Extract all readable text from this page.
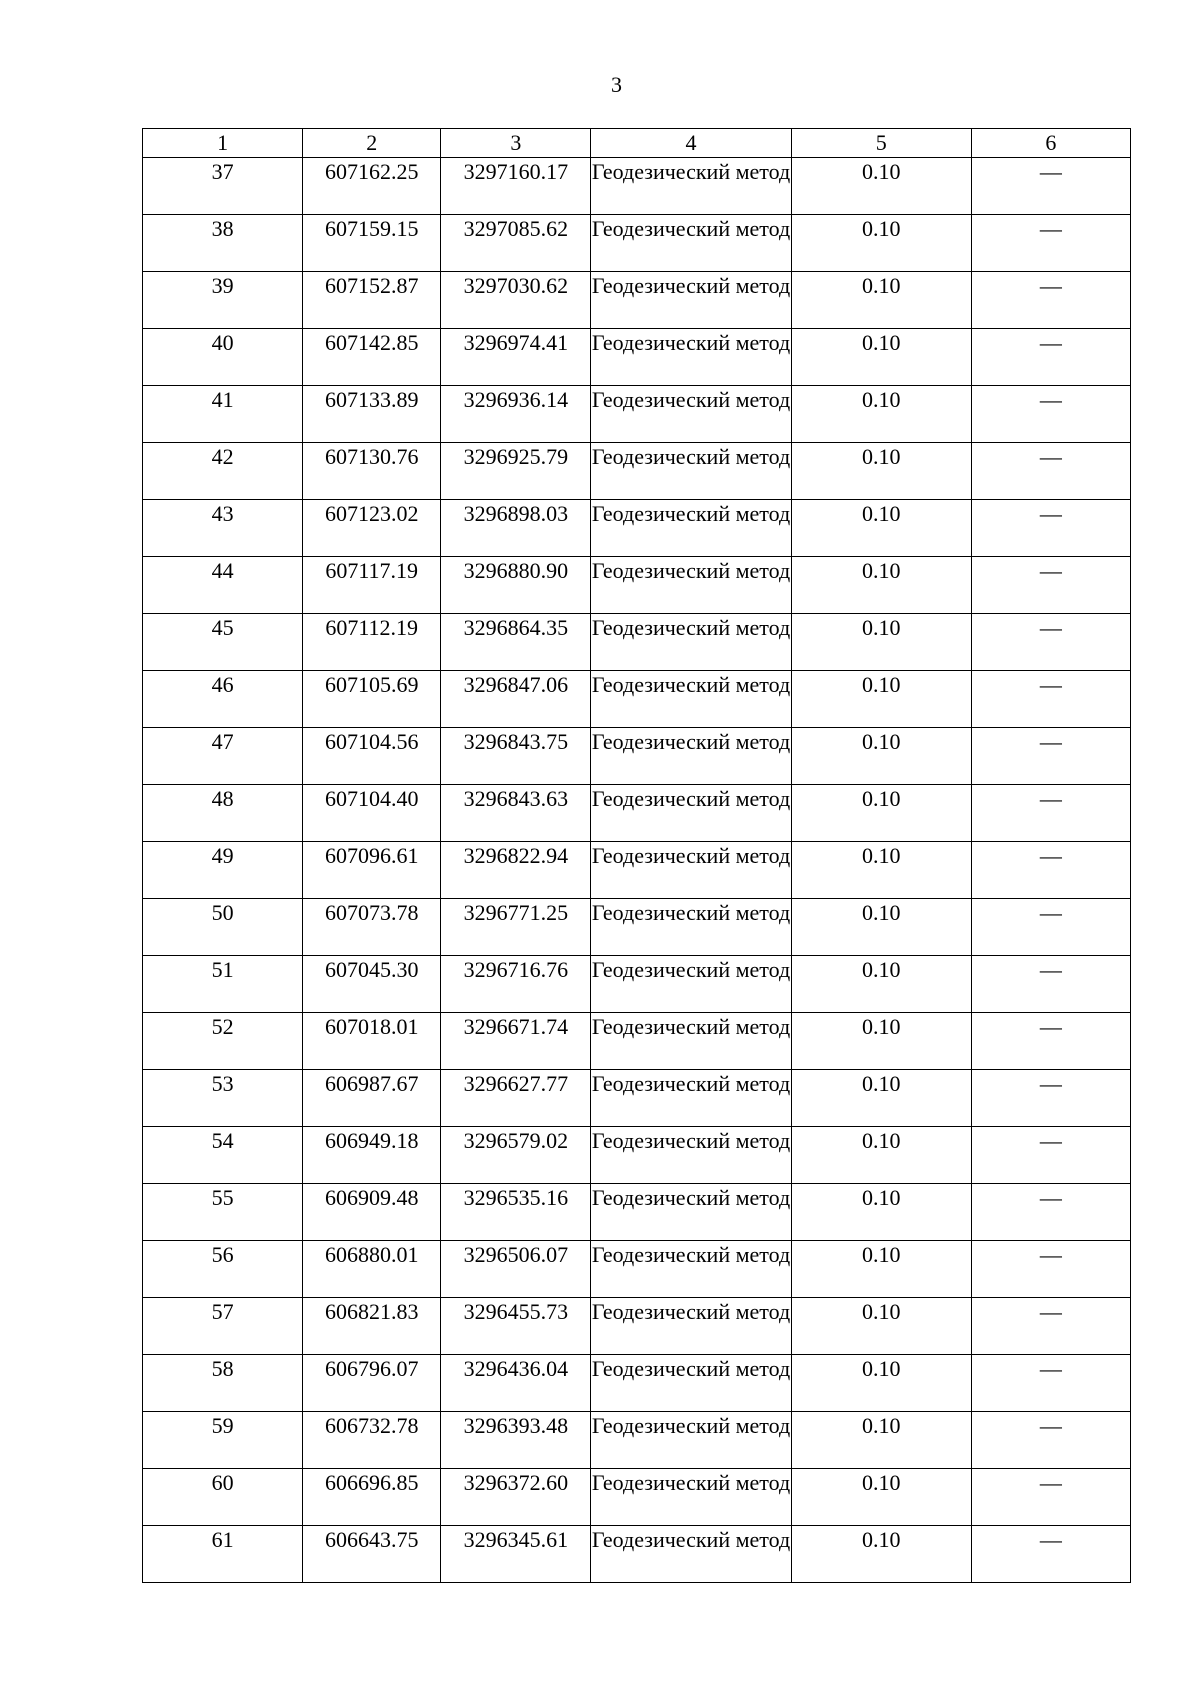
3
1	2	3	4	5	6
37	607162.25	3297160.17	Геодезический метод	0.10	—
38	607159.15	3297085.62	Геодезический метод	0.10	—
39	607152.87	3297030.62	Геодезический метод	0.10	—
40	607142.85	3296974.41	Геодезический метод	0.10	—
41	607133.89	3296936.14	Геодезический метод	0.10	—
42	607130.76	3296925.79	Геодезический метод	0.10	—
43	607123.02	3296898.03	Геодезический метод	0.10	—
44	607117.19	3296880.90	Геодезический метод	0.10	—
45	607112.19	3296864.35	Геодезический метод	0.10	—
46	607105.69	3296847.06	Геодезический метод	0.10	—
47	607104.56	3296843.75	Геодезический метод	0.10	—
48	607104.40	3296843.63	Геодезический метод	0.10	—
49	607096.61	3296822.94	Геодезический метод	0.10	—
50	607073.78	3296771.25	Геодезический метод	0.10	—
51	607045.30	3296716.76	Геодезический метод	0.10	—
52	607018.01	3296671.74	Геодезический метод	0.10	—
53	606987.67	3296627.77	Геодезический метод	0.10	—
54	606949.18	3296579.02	Геодезический метод	0.10	—
55	606909.48	3296535.16	Геодезический метод	0.10	—
56	606880.01	3296506.07	Геодезический метод	0.10	—
57	606821.83	3296455.73	Геодезический метод	0.10	—
58	606796.07	3296436.04	Геодезический метод	0.10	—
59	606732.78	3296393.48	Геодезический метод	0.10	—
60	606696.85	3296372.60	Геодезический метод	0.10	—
61	606643.75	3296345.61	Геодезический метод	0.10	—
